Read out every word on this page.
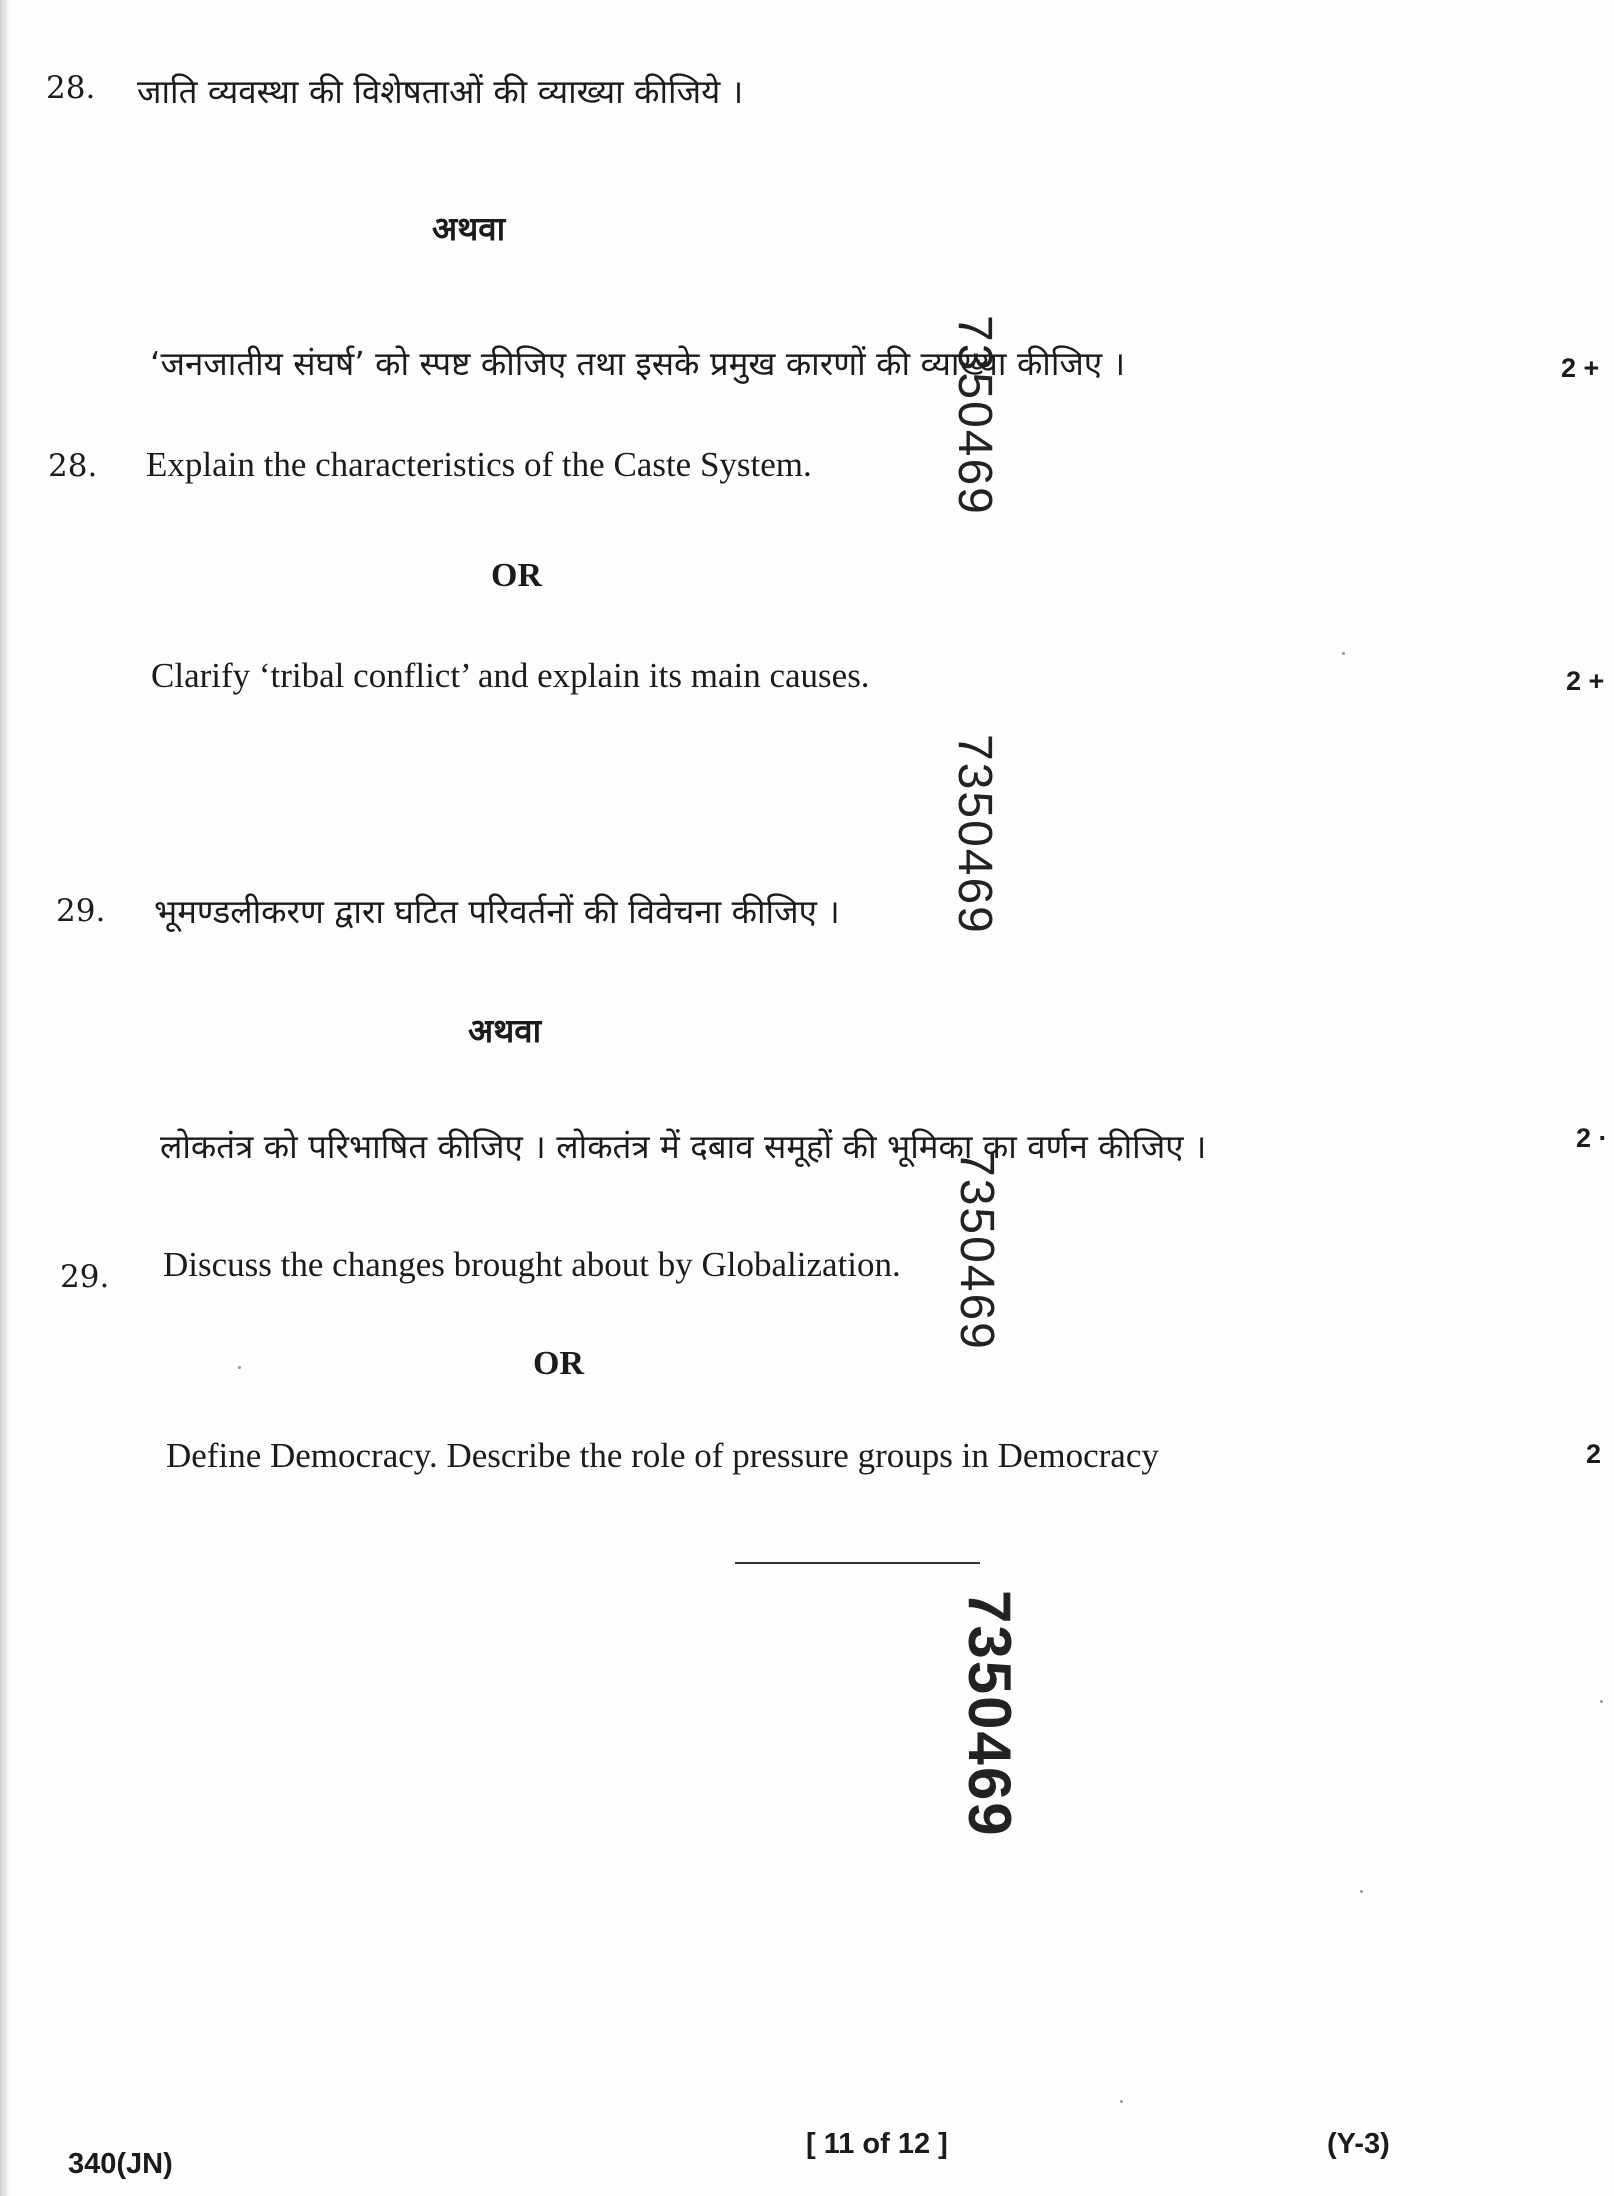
28. जाति व्यवस्था की विशेषताओं की व्याख्या कीजिये ।
अथवा
‘जनजातीय संघर्ष’ को स्पष्ट कीजिए तथा इसके प्रमुख कारणों की व्याख्या कीजिए ।	2 +
28. Explain the characteristics of the Caste System.
OR
Clarify ‘tribal conflict’ and explain its main causes.	2 +
29. भूमण्डलीकरण द्वारा घटित परिवर्तनों की विवेचना कीजिए ।
अथवा
लोकतंत्र को परिभाषित कीजिए । लोकतंत्र में दबाव समूहों की भूमिका का वर्णन कीजिए ।	2 ·
29. Discuss the changes brought about by Globalization.
OR
Define Democracy. Describe the role of pressure groups in Democracy	2
7350469
7350469
7350469
7350469
340(JN)
[ 11 of 12 ]	(Y-3)
